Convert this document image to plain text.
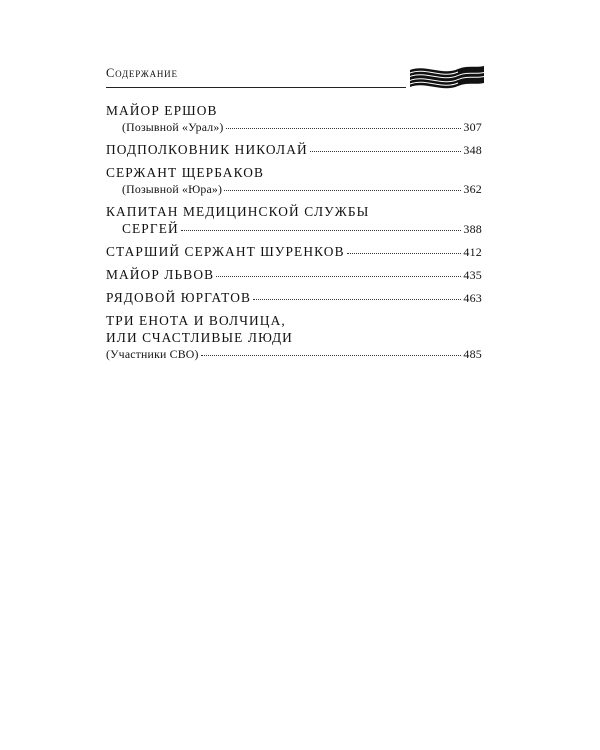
Содержание
МАЙОР ЕРШОВ
(Позывной «Урал»)	307
ПОДПОЛКОВНИК НИКОЛАЙ	348
СЕРЖАНТ ЩЕРБАКОВ
(Позывной «Юра»)	362
КАПИТАН МЕДИЦИНСКОЙ СЛУЖБЫ
СЕРГЕЙ	388
СТАРШИЙ СЕРЖАНТ ШУРЕНКОВ	412
МАЙОР ЛЬВОВ	435
РЯДОВОЙ ЮРГАТОВ	463
ТРИ ЕНОТА И ВОЛЧИЦА,
ИЛИ СЧАСТЛИВЫЕ ЛЮДИ
(Участники СВО)	485
